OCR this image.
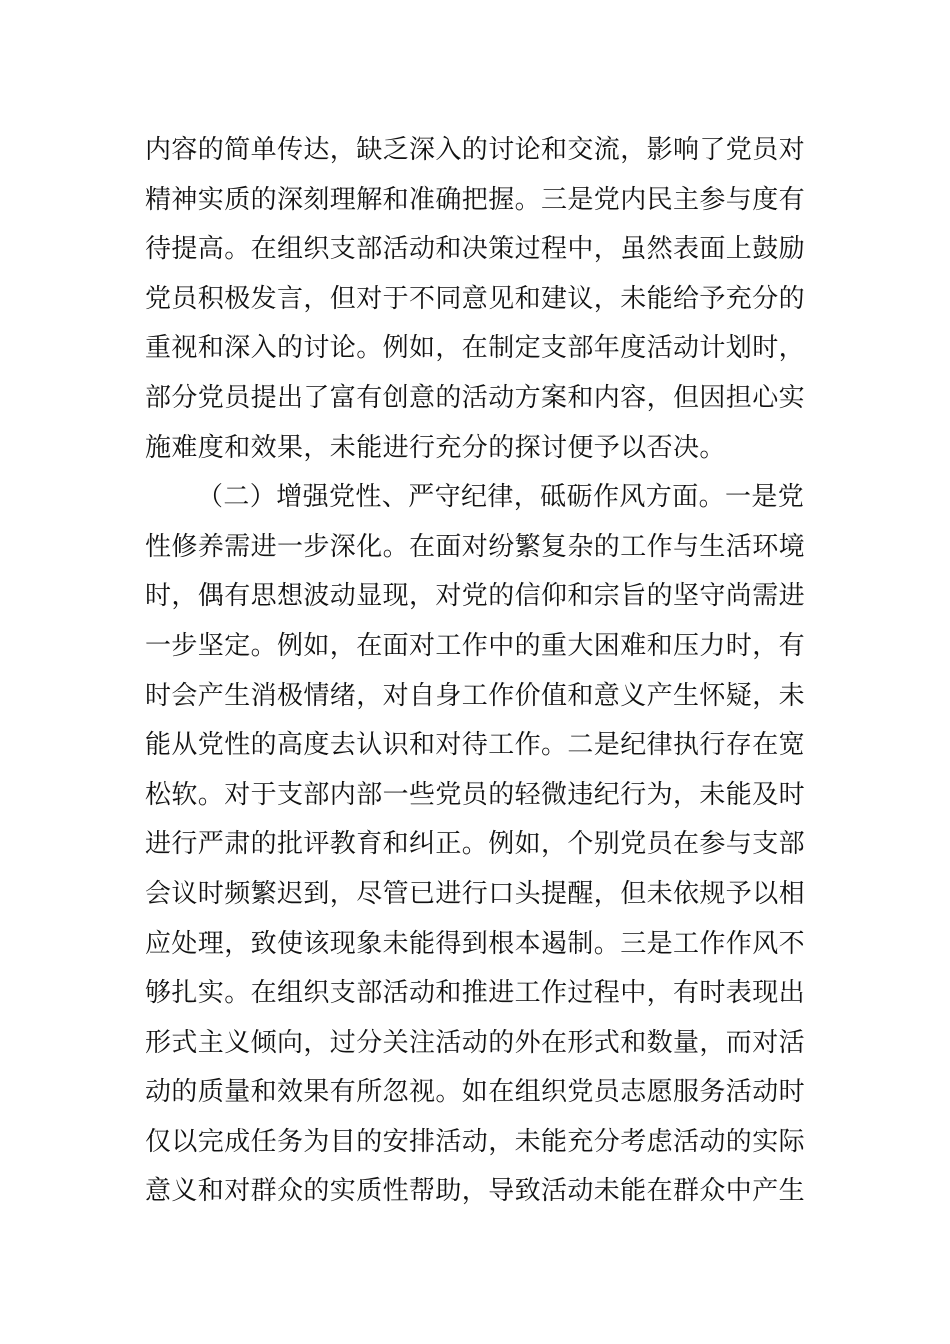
内容的简单传达，缺乏深入的讨论和交流，影响了党员对
精神实质的深刻理解和准确把握。三是党内民主参与度有
待提高。在组织支部活动和决策过程中，虽然表面上鼓励
党员积极发言，但对于不同意见和建议，未能给予充分的
重视和深入的讨论。例如，在制定支部年度活动计划时，
部分党员提出了富有创意的活动方案和内容，但因担心实
施难度和效果，未能进行充分的探讨便予以否决。
（二）增强党性、严守纪律，砥砺作风方面。一是党
性修养需进一步深化。在面对纷繁复杂的工作与生活环境
时，偶有思想波动显现，对党的信仰和宗旨的坚守尚需进
一步坚定。例如，在面对工作中的重大困难和压力时，有
时会产生消极情绪，对自身工作价值和意义产生怀疑，未
能从党性的高度去认识和对待工作。二是纪律执行存在宽
松软。对于支部内部一些党员的轻微违纪行为，未能及时
进行严肃的批评教育和纠正。例如，个别党员在参与支部
会议时频繁迟到，尽管已进行口头提醒，但未依规予以相
应处理，致使该现象未能得到根本遏制。三是工作作风不
够扎实。在组织支部活动和推进工作过程中，有时表现出
形式主义倾向，过分关注活动的外在形式和数量，而对活
动的质量和效果有所忽视。如在组织党员志愿服务活动时
仅以完成任务为目的安排活动，未能充分考虑活动的实际
意义和对群众的实质性帮助，导致活动未能在群众中产生
